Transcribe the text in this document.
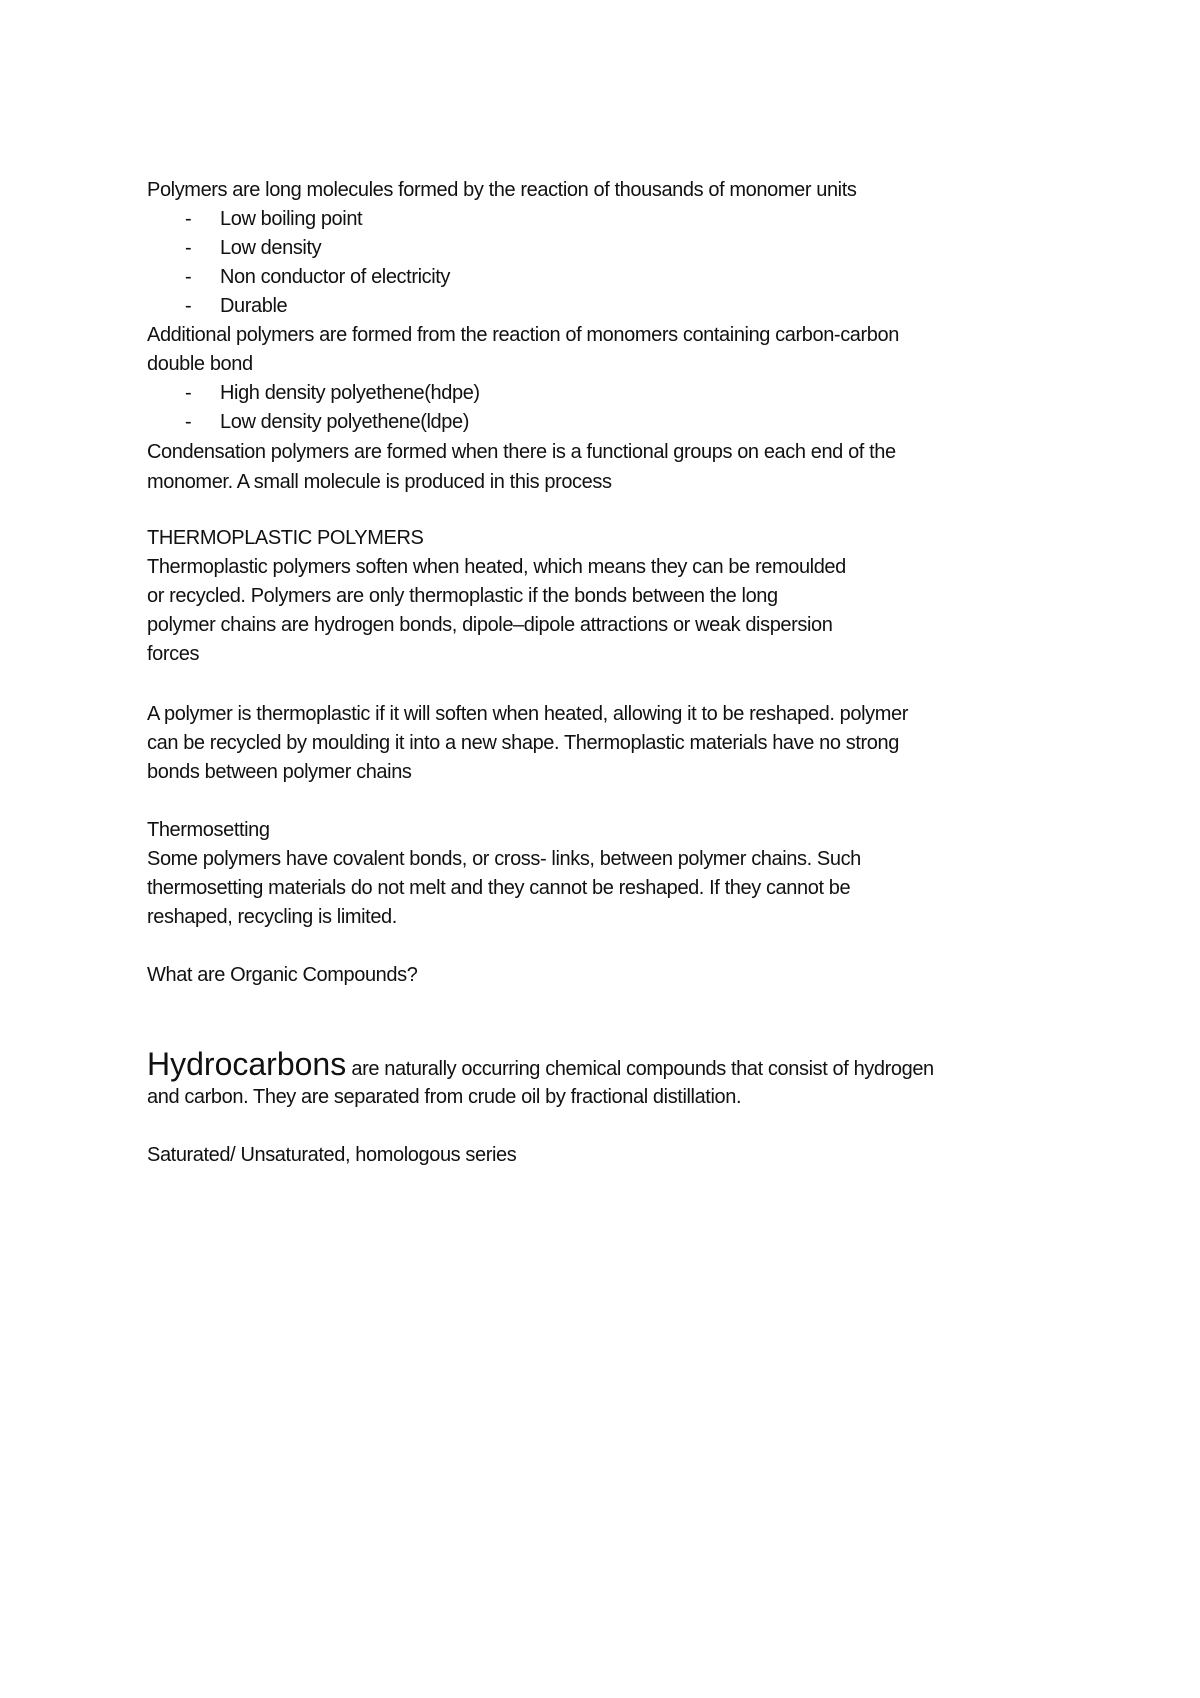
Polymers are long molecules formed by the reaction of thousands of monomer units
- Low boiling point
- Low density
- Non conductor of electricity
- Durable
Additional polymers are formed from the reaction of monomers containing carbon-carbon
double bond
- High density polyethene(hdpe)
- Low density polyethene(ldpe)
Condensation polymers are formed when there is a functional groups on each end of the
monomer. A small molecule is produced in this process
THERMOPLASTIC POLYMERS
Thermoplastic polymers soften when heated, which means they can be remoulded
or recycled. Polymers are only thermoplastic if the bonds between the long
polymer chains are hydrogen bonds, dipole–dipole attractions or weak dispersion
forces
A polymer is thermoplastic if it will soften when heated, allowing it to be reshaped. polymer
can be recycled by moulding it into a new shape. Thermoplastic materials have no strong
bonds between polymer chains
Thermosetting
Some polymers have covalent bonds, or cross- links, between polymer chains. Such
thermosetting materials do not melt and they cannot be reshaped. If they cannot be
reshaped, recycling is limited.
What are Organic Compounds?
Hydrocarbons are naturally occurring chemical compounds that consist of hydrogen
and carbon. They are separated from crude oil by fractional distillation.
Saturated/ Unsaturated, homologous series
